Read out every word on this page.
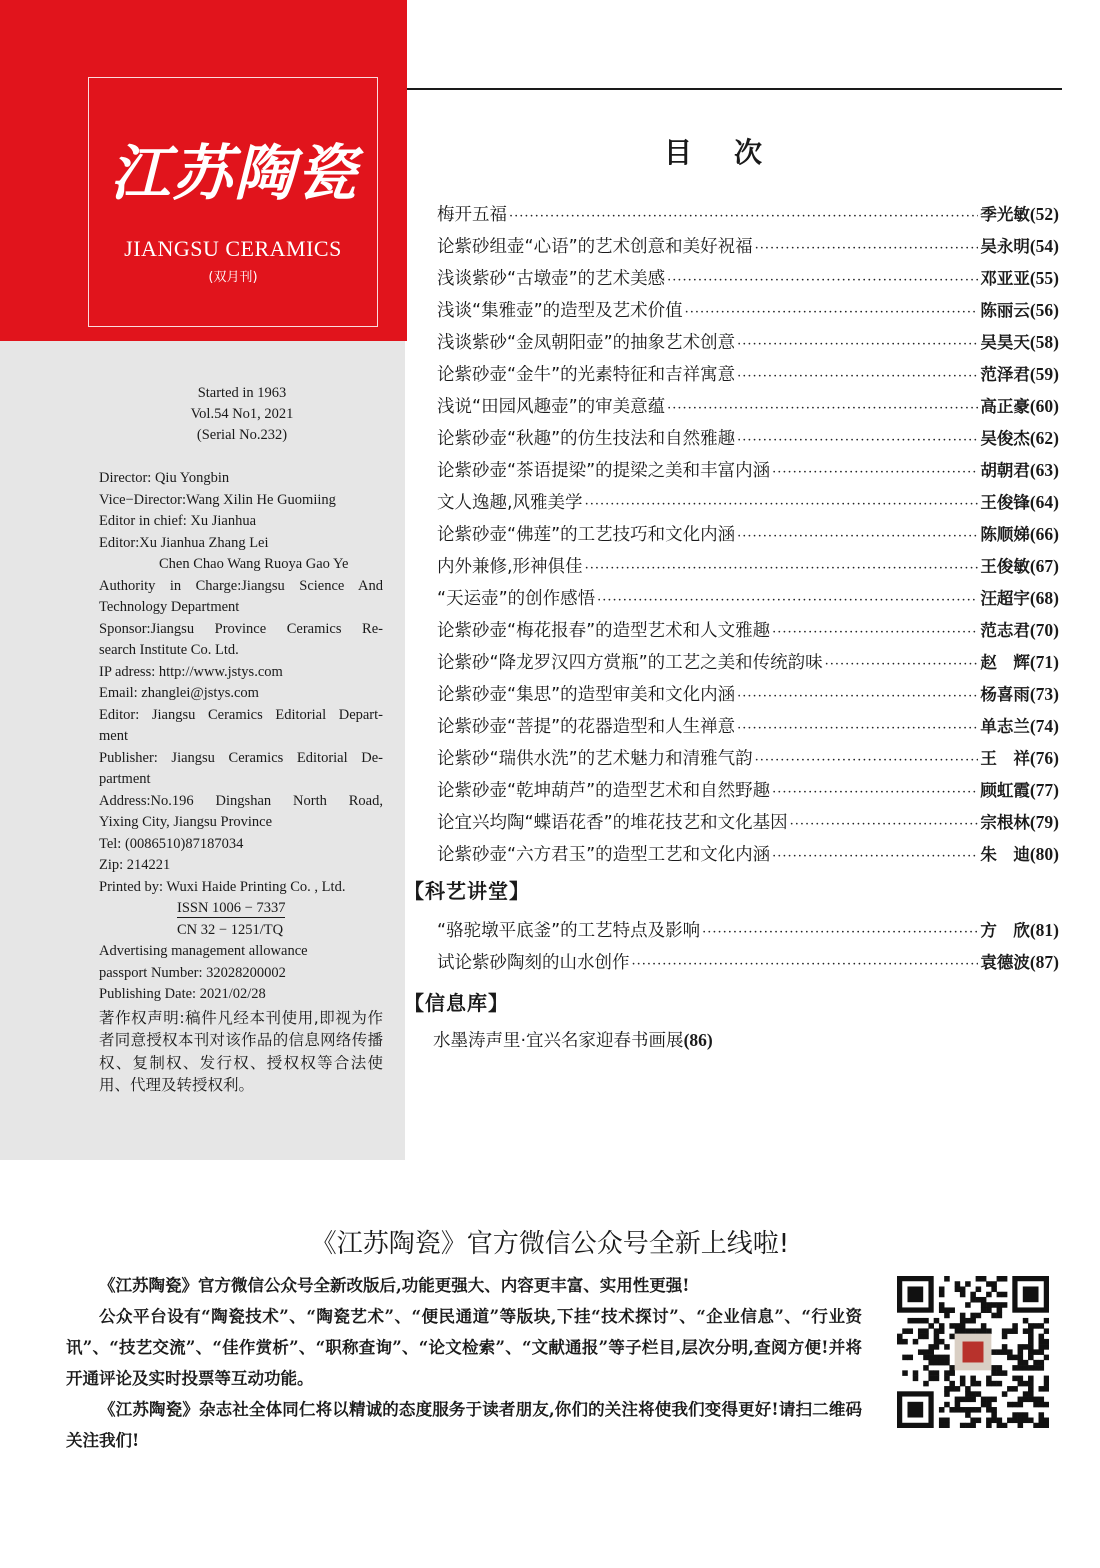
江苏陶瓷
JIANGSU CERAMICS
(双月刊)
Started in 1963
Vol.54 No1, 2021
(Serial No.232)
Director: Qiu Yongbin
Vice−Director:Wang Xilin He Guomiing
Editor in chief: Xu Jianhua
Editor:Xu Jianhua Zhang Lei
Chen Chao Wang Ruoya Gao Ye
Authority in Charge:Jiangsu Science And
Technology Department
Sponsor:Jiangsu Province Ceramics Re-
search Institute Co. Ltd.
IP adress: http://www.jstys.com
Email: zhanglei@jstys.com
Editor: Jiangsu Ceramics Editorial Depart-
ment
Publisher: Jiangsu Ceramics Editorial De-
partment
Address:No.196 Dingshan North Road,
Yixing City, Jiangsu Province
Tel: (0086510)87187034
Zip: 214221
Printed by: Wuxi Haide Printing Co. , Ltd.
ISSN 1006 − 7337
CN 32 − 1251/TQ
Advertising management allowance
passport Number: 32028200002
Publishing Date: 2021/02/28
著作权声明:稿件凡经本刊使用,即视为作者同意授权本刊对该作品的信息网络传播权、复制权、发行权、授权权等合法使用、代理及转授权利。
目次
梅开五福 ·····	季光敏 (52)
论紫砂组壶“心语”的艺术创意和美好祝福 ·····	吴永明 (54)
浅谈紫砂“古墩壶”的艺术美感 ·····	邓亚亚 (55)
浅谈“集雅壶”的造型及艺术价值 ·····	陈丽云 (56)
浅谈紫砂“金凤朝阳壶”的抽象艺术创意 ·····	吴昊天 (58)
论紫砂壶“金牛”的光素特征和吉祥寓意 ·····	范泽君 (59)
浅说“田园风趣壶”的审美意蕴 ·····	高正豪 (60)
论紫砂壶“秋趣”的仿生技法和自然雅趣 ·····	吴俊杰 (62)
论紫砂壶“茶语提梁”的提梁之美和丰富内涵 ·····	胡朝君 (63)
文人逸趣,风雅美学 ·····	王俊锋 (64)
论紫砂壶“佛莲”的工艺技巧和文化内涵 ·····	陈顺娣 (66)
内外兼修,形神俱佳 ·····	王俊敏 (67)
“天运壶”的创作感悟 ·····	汪超宇 (68)
论紫砂壶“梅花报春”的造型艺术和人文雅趣 ·····	范志君 (70)
论紫砂“降龙罗汉四方赏瓶”的工艺之美和传统韵味 ·····	赵　辉 (71)
论紫砂壶“集思”的造型审美和文化内涵 ·····	杨喜雨 (73)
论紫砂壶“菩提”的花器造型和人生禅意 ·····	单志兰 (74)
论紫砂“瑞供水洗”的艺术魅力和清雅气韵 ·····	王　祥 (76)
论紫砂壶“乾坤葫芦”的造型艺术和自然野趣 ·····	顾虹霞 (77)
论宜兴均陶“蝶语花香”的堆花技艺和文化基因 ·····	宗根林 (79)
论紫砂壶“六方君玉”的造型工艺和文化内涵 ·····	朱　迪 (80)
【科艺讲堂】
“骆驼墩平底釜”的工艺特点及影响 ·····	方　欣 (81)
试论紫砂陶刻的山水创作 ·····	袁德波 (87)
【信息库】
水墨涛声里·宜兴名家迎春书画展(86)
《江苏陶瓷》官方微信公众号全新上线啦!

《江苏陶瓷》官方微信公众号全新改版后,功能更强大、内容更丰富、实用性更强!

公众平台设有“陶瓷技术”、“陶瓷艺术”、“便民通道”等版块,下挂“技术探讨”、“企业信息”、“行业资讯”、“技艺交流”、“佳作赏析”、“职称查询”、“论文检索”、“文献通报”等子栏目,层次分明,查阅方便!并将开通评论及实时投票等互动功能。

《江苏陶瓷》杂志社全体同仁将以精诚的态度服务于读者朋友,你们的关注将使我们变得更好!请扫二维码关注我们!
